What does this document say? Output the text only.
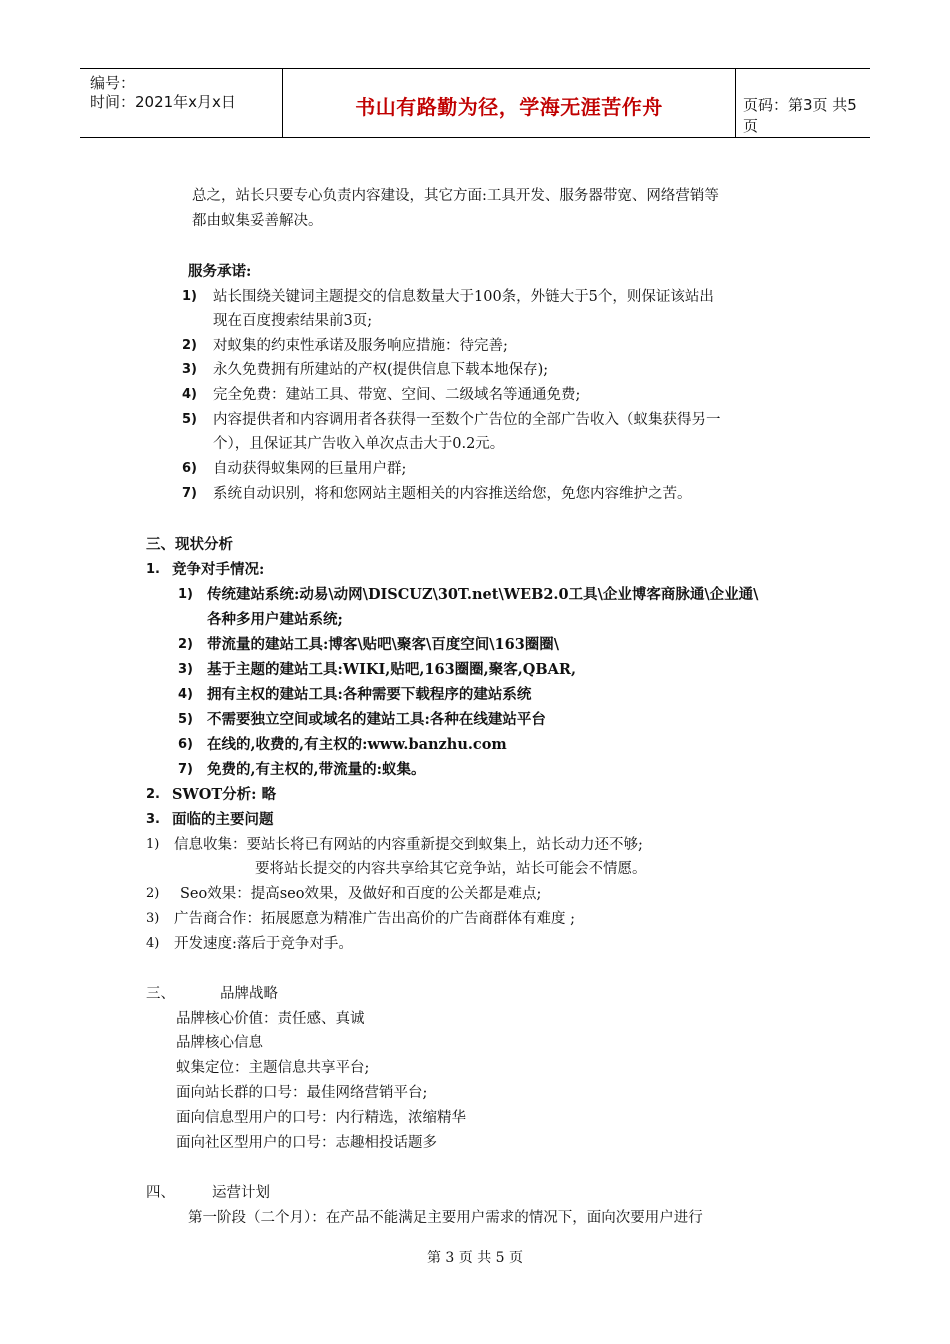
编号：
时间：2021年x月x日	书山有路勤为径，学海无涯苦作舟	页码：第3页 共5页
总之，站长只要专心负责内容建设，其它方面:工具开发、服务器带宽、网络营销等
都由蚁集妥善解决。
服务承诺:
1) 站长围绕关键词主题提交的信息数量大于100条，外链大于5个，则保证该站出
现在百度搜索结果前3页;
2) 对蚁集的约束性承诺及服务响应措施：待完善;
3) 永久免费拥有所建站的产权(提供信息下载本地保存);
4) 完全免费：建站工具、带宽、空间、二级域名等通通免费;
5) 内容提供者和内容调用者各获得一至数个广告位的全部广告收入（蚁集获得另一
个），且保证其广告收入单次点击大于0.2元。
6) 自动获得蚁集网的巨量用户群;
7) 系统自动识别，将和您网站主题相关的内容推送给您，免您内容维护之苦。
三、现状分析
1. 竞争对手情况:
1) 传统建站系统:动易\动网\DISCUZ\30T.net\WEB2.0工具\企业博客商脉通\企业通\
各种多用户建站系统;
2) 带流量的建站工具:博客\贴吧\聚客\百度空间\163圈圈\
3) 基于主题的建站工具:WIKI,贴吧,163圈圈,聚客,QBAR,
4) 拥有主权的建站工具:各种需要下载程序的建站系统
5) 不需要独立空间或域名的建站工具:各种在线建站平台
6) 在线的,收费的,有主权的:www.banzhu.com
7) 免费的,有主权的,带流量的:蚁集。
2. SWOT分析: 略
3. 面临的主要问题
1) 信息收集：要站长将已有网站的内容重新提交到蚁集上，站长动力还不够;
要将站长提交的内容共享给其它竞争站，站长可能会不情愿。
2) Seo效果：提高seo效果，及做好和百度的公关都是难点;
3) 广告商合作：拓展愿意为精准广告出高价的广告商群体有难度 ;
4) 开发速度:落后于竞争对手。
三、	品牌战略
品牌核心价值：责任感、真诚
品牌核心信息
蚁集定位：主题信息共享平台;
面向站长群的口号：最佳网络营销平台;
面向信息型用户的口号：内行精选，浓缩精华
面向社区型用户的口号：志趣相投话题多
四、	运营计划
第一阶段（二个月）：在产品不能满足主要用户需求的情况下，面向次要用户进行
第 3 页 共 5 页
